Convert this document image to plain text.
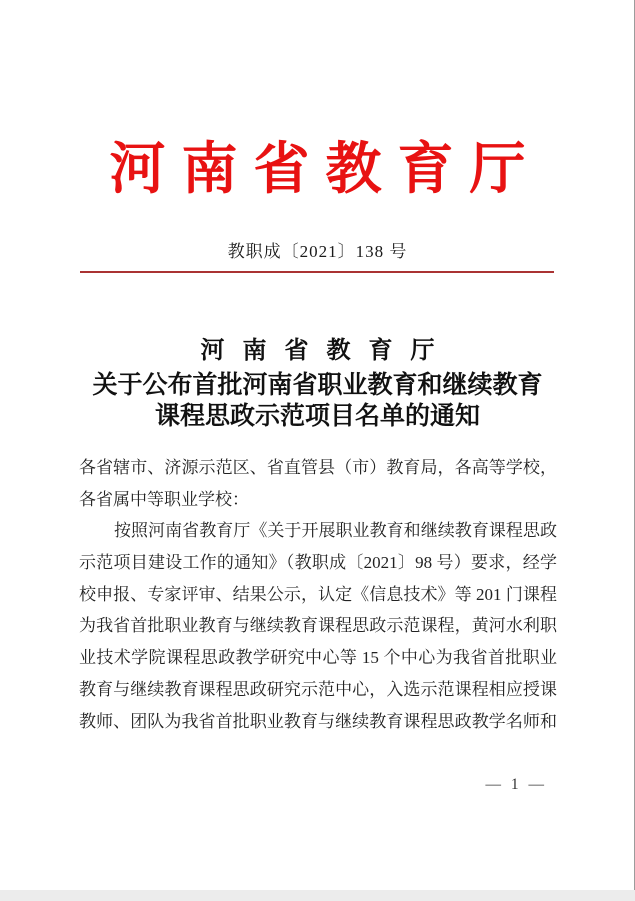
河 南 省 教 育 厅
教职成〔2021〕138 号
河 南 省 教 育 厅
关于公布首批河南省职业教育和继续教育
课程思政示范项目名单的通知
各省辖市、济源示范区、省直管县（市）教育局，各高等学校，
各省属中等职业学校：
按照河南省教育厅《关于开展职业教育和继续教育课程思政
示范项目建设工作的通知》（教职成〔2021〕98 号）要求，经学
校申报、专家评审、结果公示，认定《信息技术》等 201 门课程
为我省首批职业教育与继续教育课程思政示范课程，黄河水利职
业技术学院课程思政教学研究中心等 15 个中心为我省首批职业
教育与继续教育课程思政研究示范中心，入选示范课程相应授课
教师、团队为我省首批职业教育与继续教育课程思政教学名师和
— 1 —
